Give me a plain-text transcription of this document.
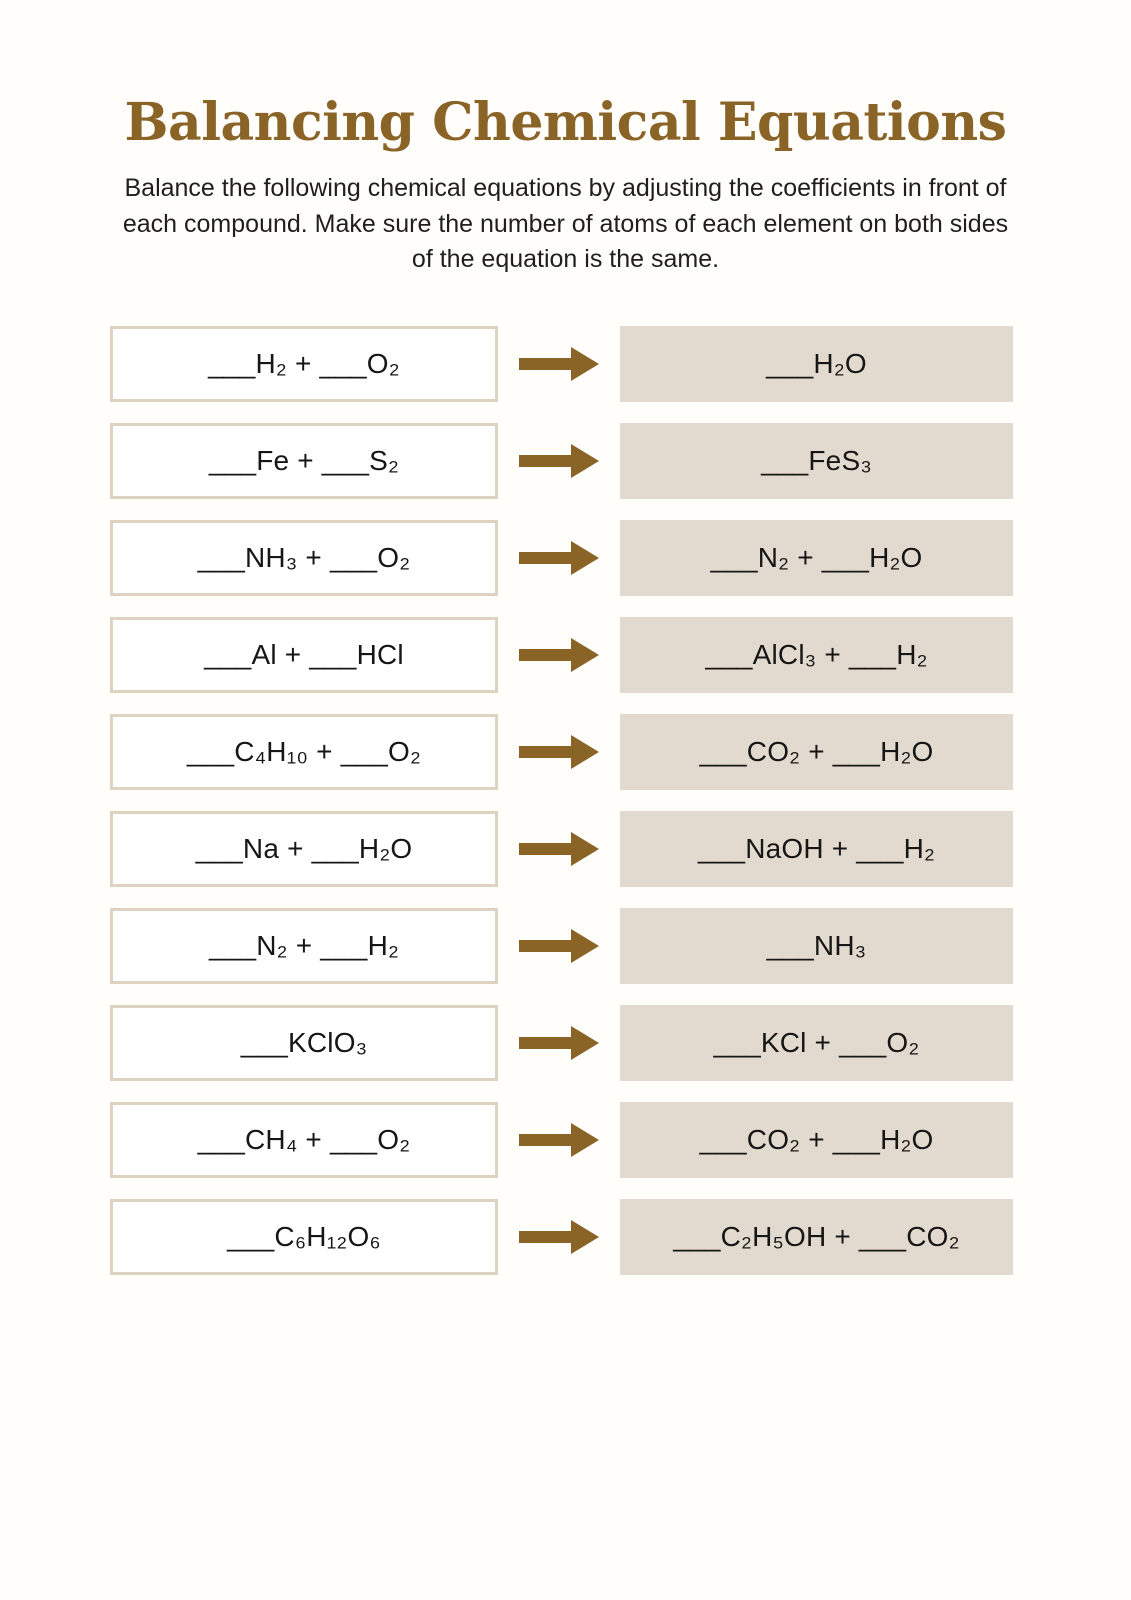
Balancing Chemical Equations

Balance the following chemical equations by adjusting the coefficients in front of each compound. Make sure the number of atoms of each element on both sides of the equation is the same.

___H₂ + ___O₂	___H₂O
___Fe + ___S₂	___FeS₃
___NH₃ + ___O₂	___N₂ + ___H₂O
___Al + ___HCl	___AlCl₃ + ___H₂
___C₄H₁₀ + ___O₂	___CO₂ + ___H₂O
___Na + ___H₂O	___NaOH + ___H₂
___N₂ + ___H₂	___NH₃
___KClO₃	___KCl + ___O₂
___CH₄ + ___O₂	___CO₂ + ___H₂O
___C₆H₁₂O₆	___C₂H₅OH + ___CO₂
